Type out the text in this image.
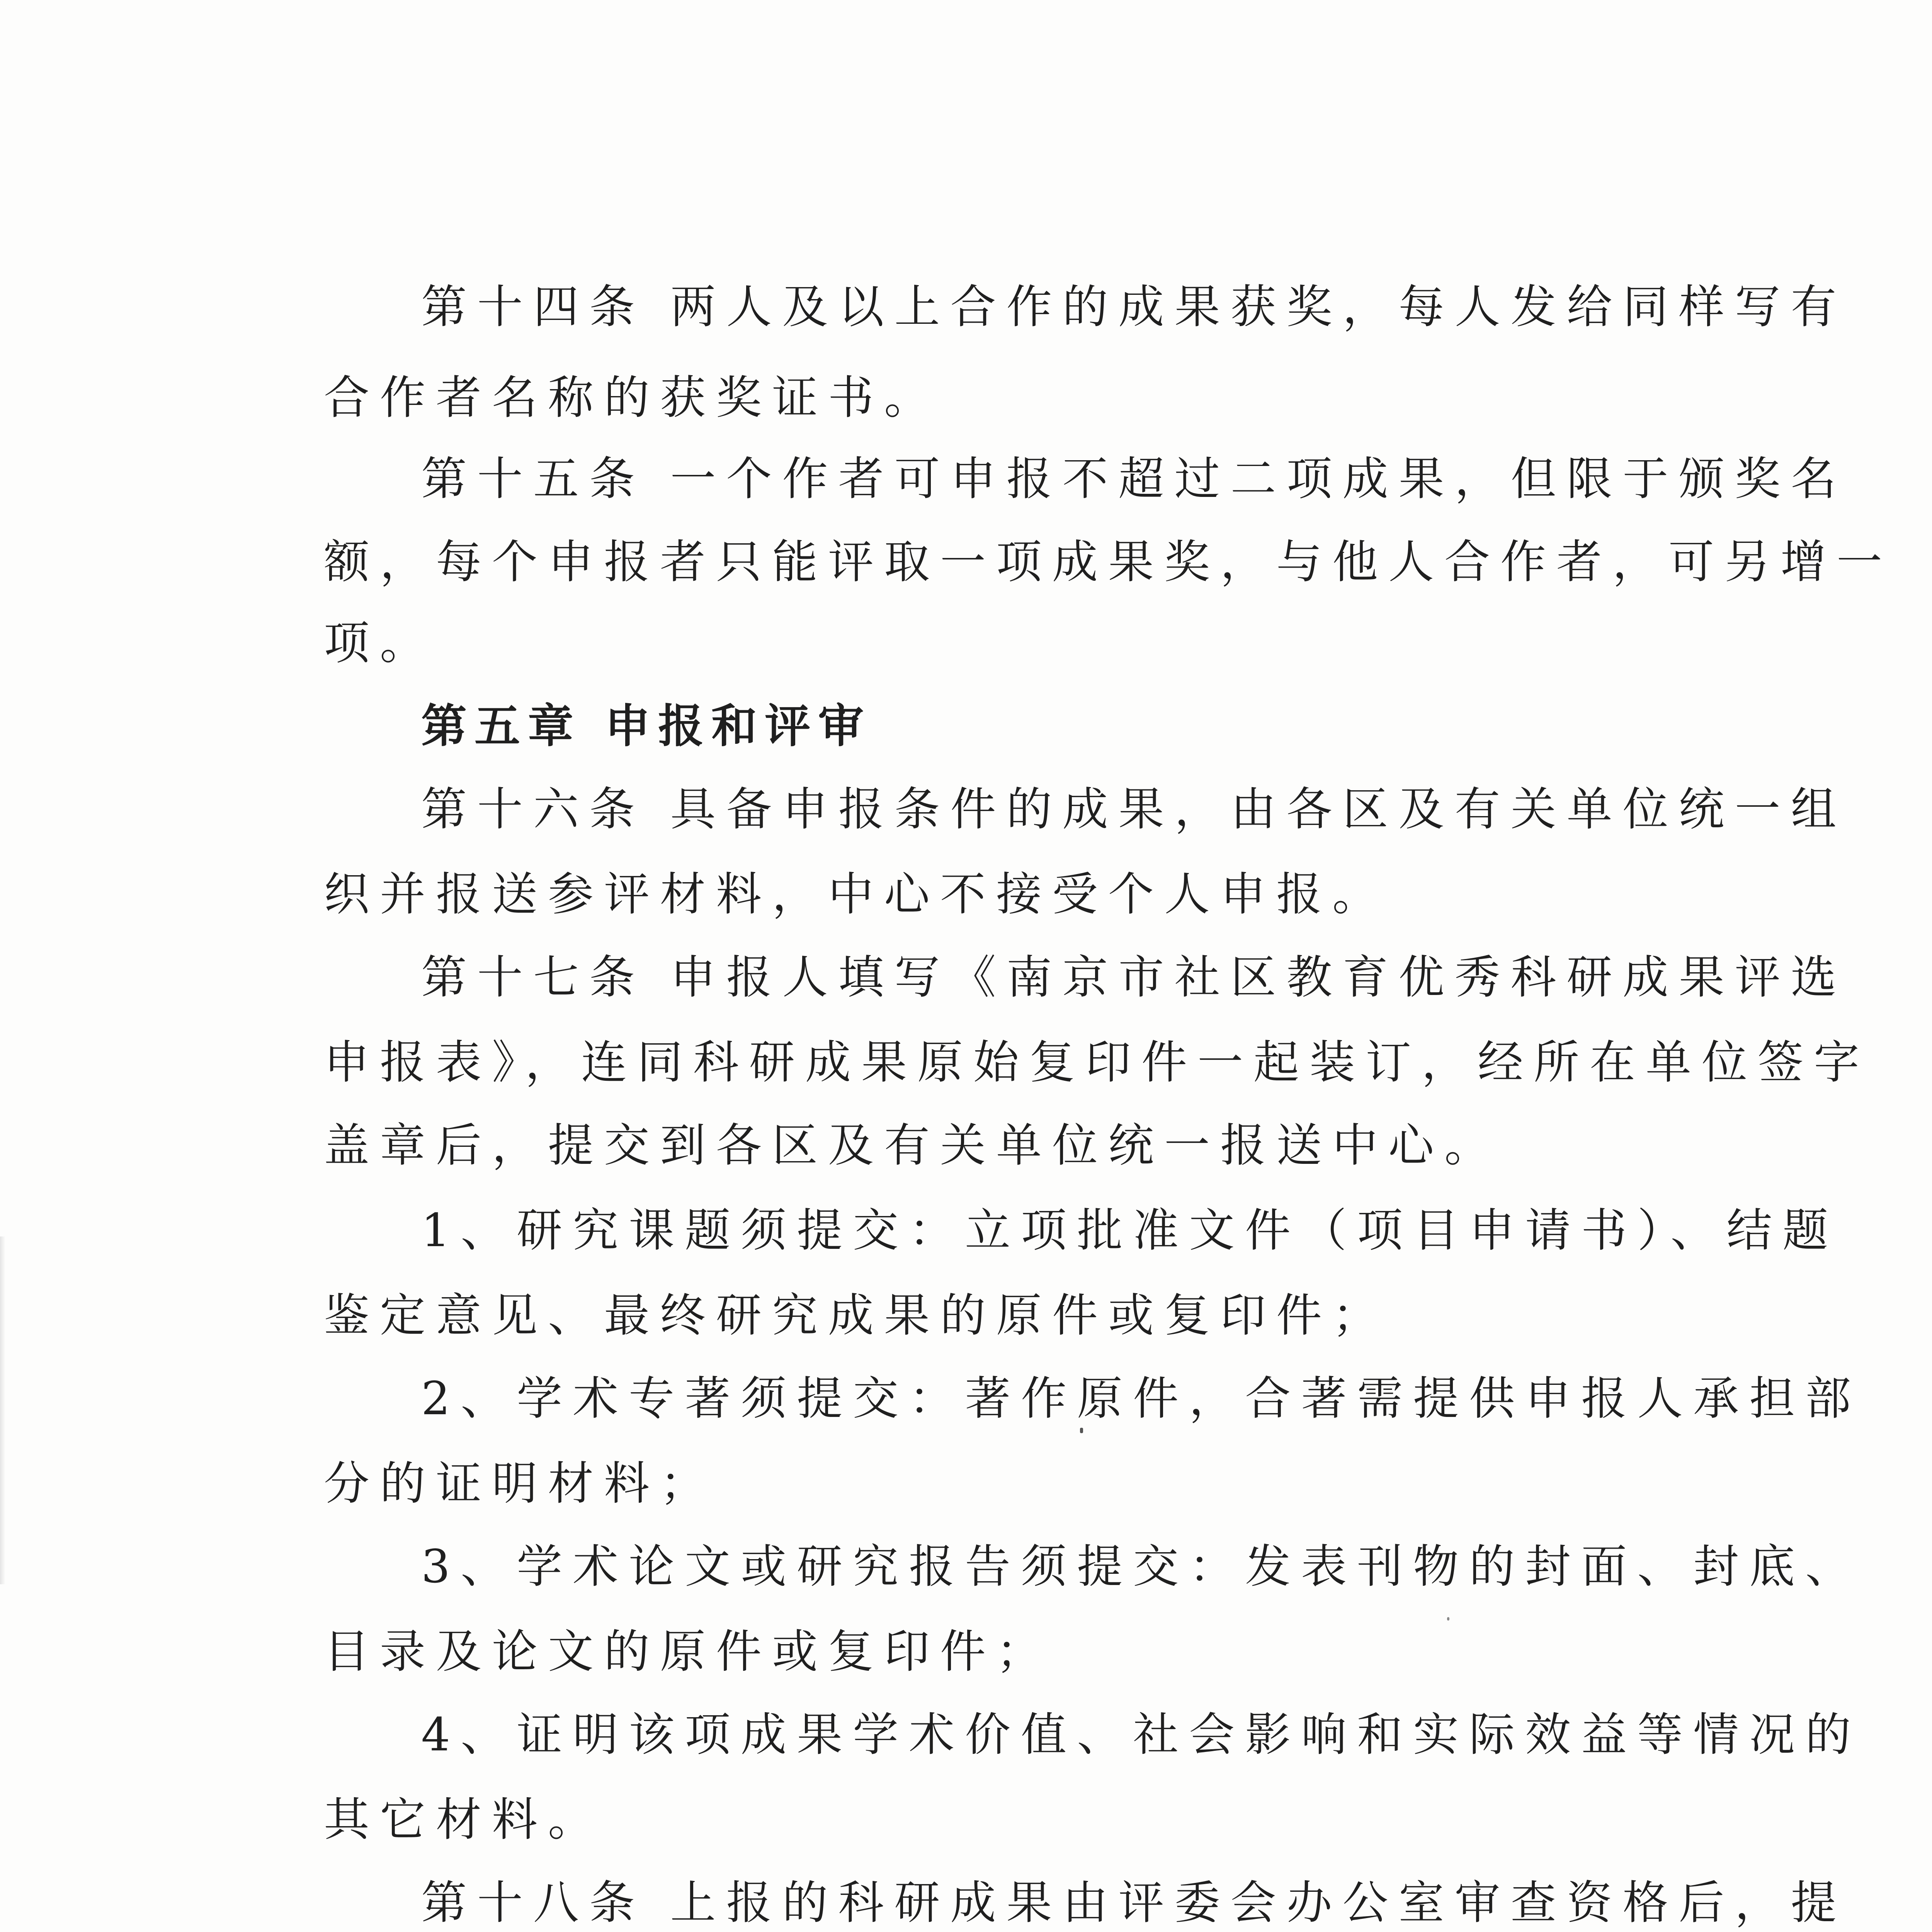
第十四条 两人及以上合作的成果获奖，每人发给同样写有
合作者名称的获奖证书。
第十五条 一个作者可申报不超过二项成果，但限于颁奖名
额，每个申报者只能评取一项成果奖，与他人合作者，可另增一
项。
第五章 申报和评审
第十六条 具备申报条件的成果，由各区及有关单位统一组
织并报送参评材料，中心不接受个人申报。
第十七条 申报人填写《南京市社区教育优秀科研成果评选
申报表》，连同科研成果原始复印件一起装订，经所在单位签字
盖章后，提交到各区及有关单位统一报送中心。
1、研究课题须提交：立项批准文件（项目申请书）、结题
鉴定意见、最终研究成果的原件或复印件；
2、学术专著须提交：著作原件，合著需提供申报人承担部
分的证明材料；
3、学术论文或研究报告须提交：发表刊物的封面、封底、
目录及论文的原件或复印件；
4、证明该项成果学术价值、社会影响和实际效益等情况的
其它材料。
第十八条 上报的科研成果由评委会办公室审查资格后，提
